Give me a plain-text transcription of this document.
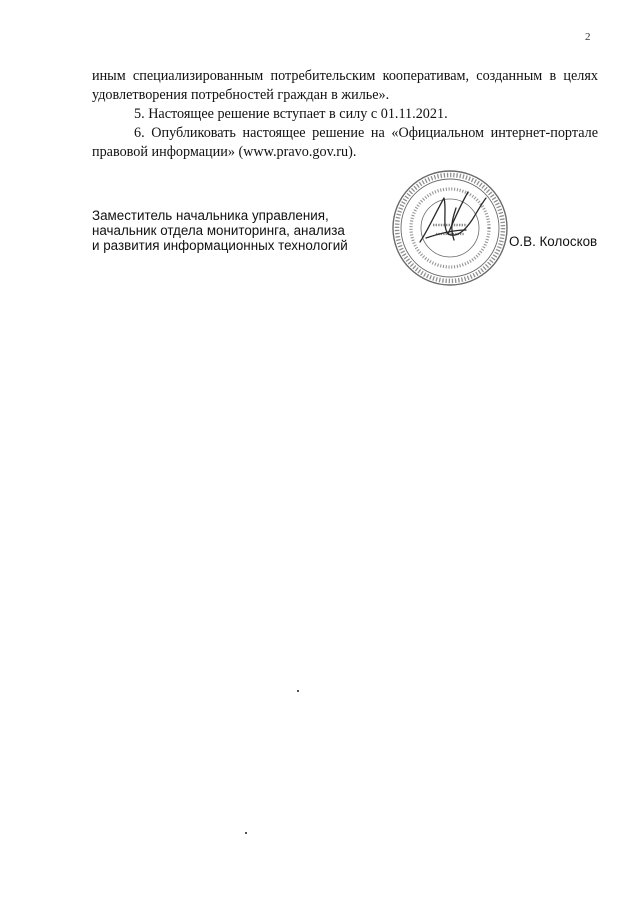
2

иным специализированным потребительским кооперативам, созданным в целях удовлетворения потребностей граждан в жилье».

5. Настоящее решение вступает в силу с 01.11.2021.

6. Опубликовать настоящее решение на «Официальном интернет-портале правовой информации» (www.pravo.gov.ru).

Заместитель начальника управления,
начальник отдела мониторинга, анализа
и развития информационных технологий	О.В. Колосков
